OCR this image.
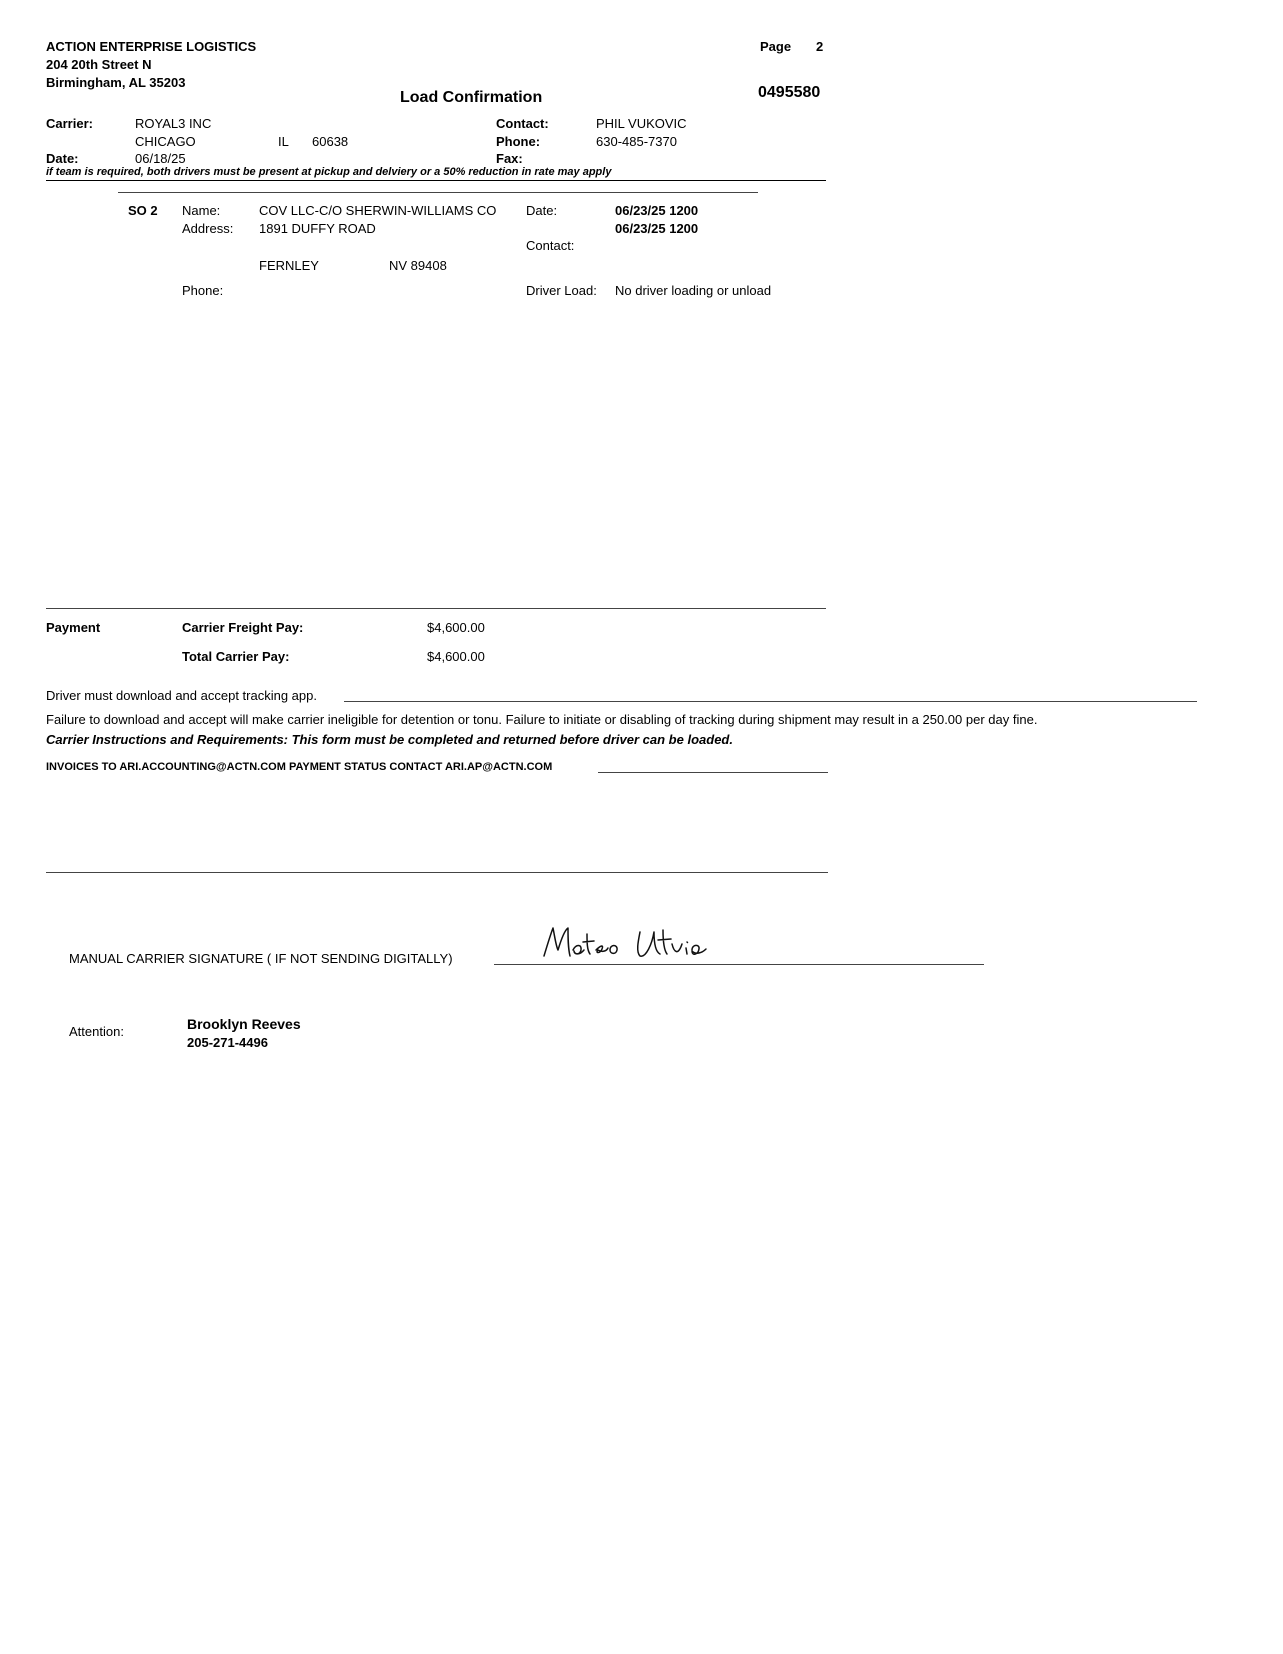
ACTION ENTERPRISE LOGISTICS
204 20th Street N
Birmingham, AL 35203
Page 2
Load Confirmation	0495580
Carrier:	ROYAL3 INC
CHICAGO	IL 60638
Date:	06/18/25
Contact:	PHIL VUKOVIC
Phone:	630-485-7370
Fax:
if team is required, both drivers must be present at pickup and delviery or a 50% reduction in rate may apply
SO 2 Name:	COV LLC-C/O SHERWIN-WILLIAMS CO
Address: 1891 DUFFY ROAD
FERNLEY	NV 89408
Phone:
Date:	06/23/25 1200
06/23/25 1200
Contact:
Driver Load: No driver loading or unload
Payment	Carrier Freight Pay:	$4,600.00
Total Carrier Pay:	$4,600.00
Driver must download and accept tracking app.
Failure to download and accept will make carrier ineligible for detention or tonu. Failure to initiate or disabling of tracking during shipment may result in a 250.00 per day fine.
Carrier Instructions and Requirements: This form must be completed and returned before driver can be loaded.
INVOICES TO ARI.ACCOUNTING@ACTN.COM PAYMENT STATUS CONTACT ARI.AP@ACTN.COM
MANUAL CARRIER SIGNATURE ( IF NOT SENDING DIGITALLY)
Attention:	Brooklyn Reeves
205-271-4496
